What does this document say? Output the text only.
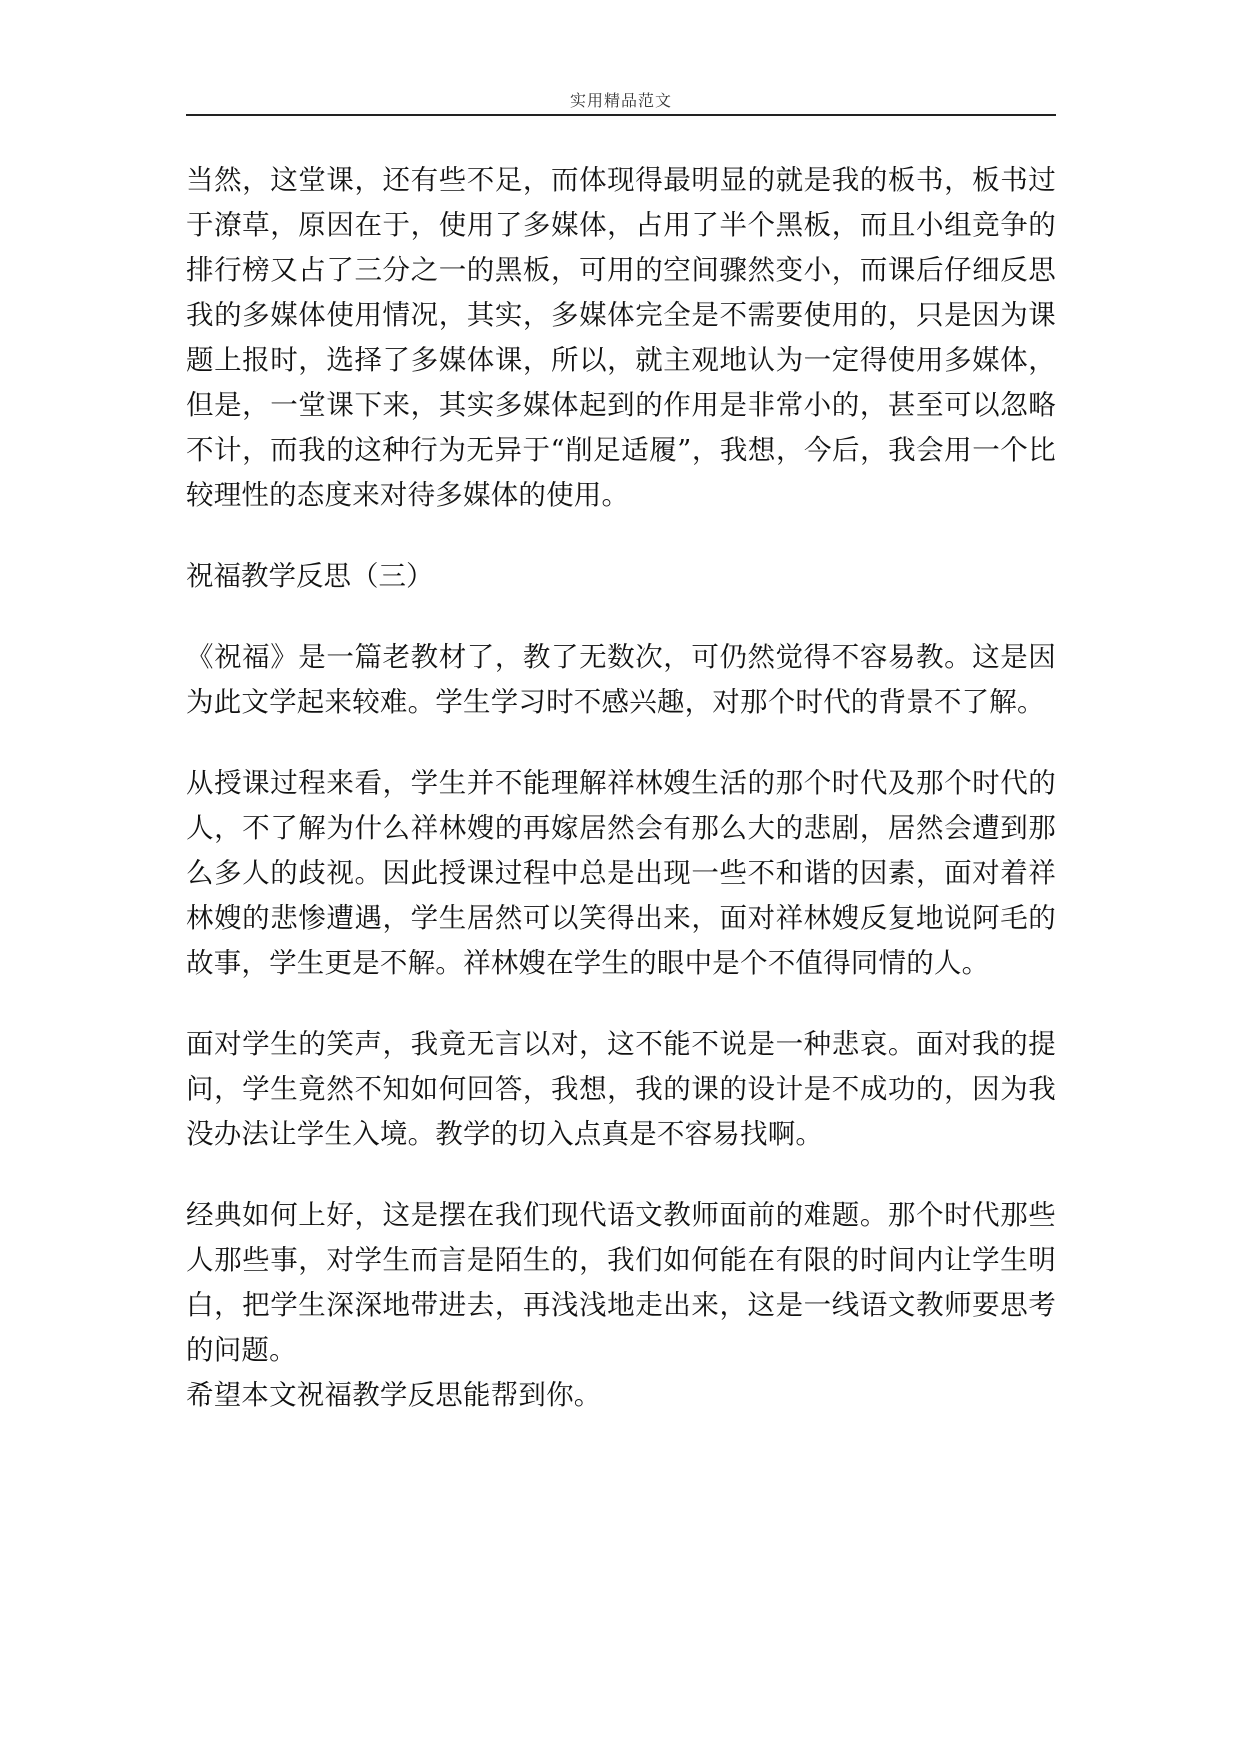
实用精品范文

当然，这堂课，还有些不足，而体现得最明显的就是我的板书，板书过于潦草，原因在于，使用了多媒体，占用了半个黑板，而且小组竞争的排行榜又占了三分之一的黑板，可用的空间骤然变小，而课后仔细反思我的多媒体使用情况，其实，多媒体完全是不需要使用的，只是因为课题上报时，选择了多媒体课，所以，就主观地认为一定得使用多媒体，但是，一堂课下来，其实多媒体起到的作用是非常小的，甚至可以忽略不计，而我的这种行为无异于“削足适履”，我想，今后，我会用一个比较理性的态度来对待多媒体的使用。

祝福教学反思（三）

《祝福》是一篇老教材了，教了无数次，可仍然觉得不容易教。这是因为此文学起来较难。学生学习时不感兴趣，对那个时代的背景不了解。

从授课过程来看，学生并不能理解祥林嫂生活的那个时代及那个时代的人，不了解为什么祥林嫂的再嫁居然会有那么大的悲剧，居然会遭到那么多人的歧视。因此授课过程中总是出现一些不和谐的因素，面对着祥林嫂的悲惨遭遇，学生居然可以笑得出来，面对祥林嫂反复地说阿毛的故事，学生更是不解。祥林嫂在学生的眼中是个不值得同情的人。

面对学生的笑声，我竟无言以对，这不能不说是一种悲哀。面对我的提问，学生竟然不知如何回答，我想，我的课的设计是不成功的，因为我没办法让学生入境。教学的切入点真是不容易找啊。

经典如何上好，这是摆在我们现代语文教师面前的难题。那个时代那些人那些事，对学生而言是陌生的，我们如何能在有限的时间内让学生明白，把学生深深地带进去，再浅浅地走出来，这是一线语文教师要思考的问题。

希望本文祝福教学反思能帮到你。
